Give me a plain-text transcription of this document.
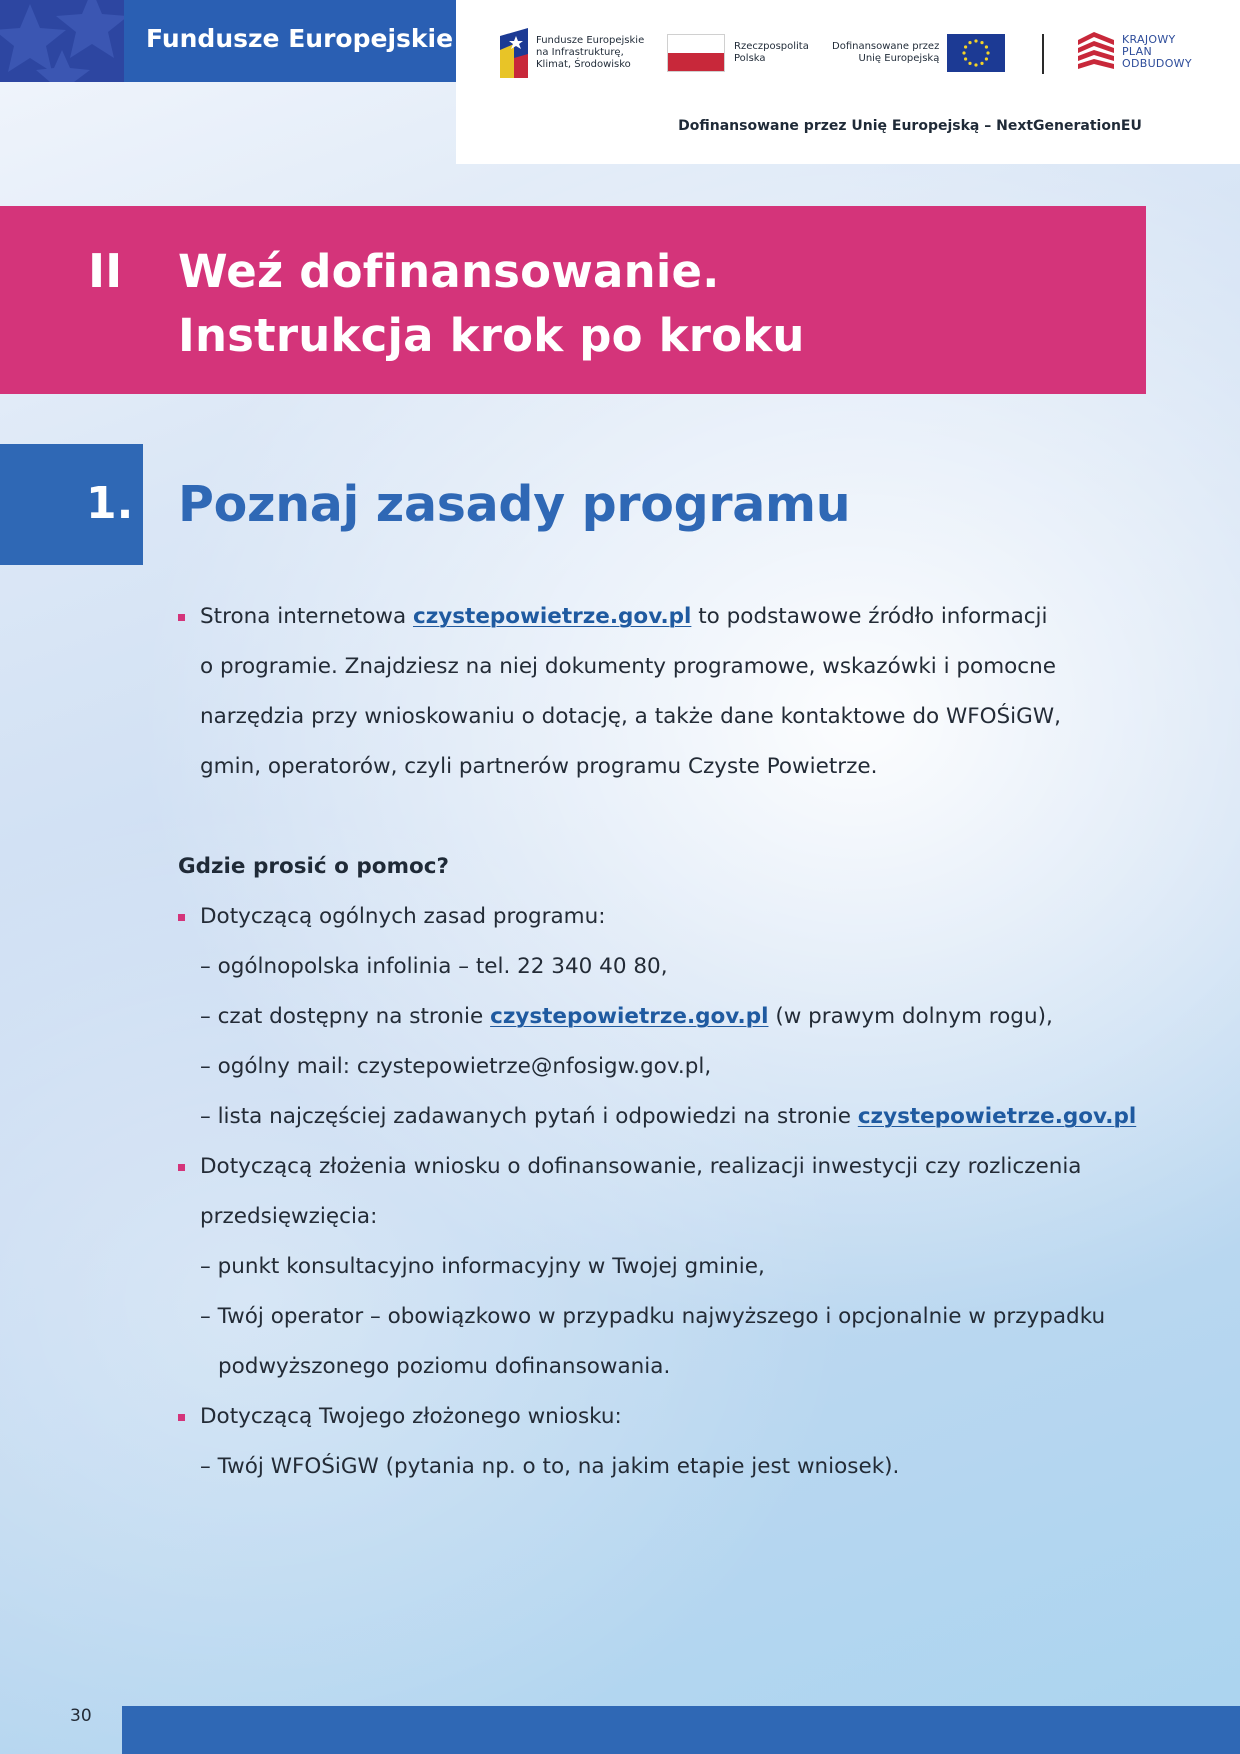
Fundusze Europejskie	Fundusze Europejskie
na Infrastrukturę,
Klimat, Środowisko
Rzeczpospolita
Polska
Dofinansowane przez
Unię Europejską
KRAJOWY
PLAN
ODBUDOWY
Dofinansowane przez Unię Europejską – NextGenerationEU
II Weź dofinansowanie.
Instrukcja krok po kroku
1. Poznaj zasady programu
Strona internetowa czystepowietrze.gov.pl to podstawowe źródło informacji
o programie. Znajdziesz na niej dokumenty programowe, wskazówki i pomocne
narzędzia przy wnioskowaniu o dotację, a także dane kontaktowe do WFOŚiGW,
gmin, operatorów, czyli partnerów programu Czyste Powietrze.
Gdzie prosić o pomoc?
Dotyczącą ogólnych zasad programu:
– ogólnopolska infolinia – tel. 22 340 40 80,
– czat dostępny na stronie czystepowietrze.gov.pl (w prawym dolnym rogu),
– ogólny mail: czystepowietrze@nfosigw.gov.pl,
– lista najczęściej zadawanych pytań i odpowiedzi na stronie czystepowietrze.gov.pl
Dotyczącą złożenia wniosku o dofinansowanie, realizacji inwestycji czy rozliczenia
przedsięwzięcia:
– punkt konsultacyjno informacyjny w Twojej gminie,
– Twój operator – obowiązkowo w przypadku najwyższego i opcjonalnie w przypadku
podwyższonego poziomu dofinansowania.
Dotyczącą Twojego złożonego wniosku:
– Twój WFOŚiGW (pytania np. o to, na jakim etapie jest wniosek).
30
